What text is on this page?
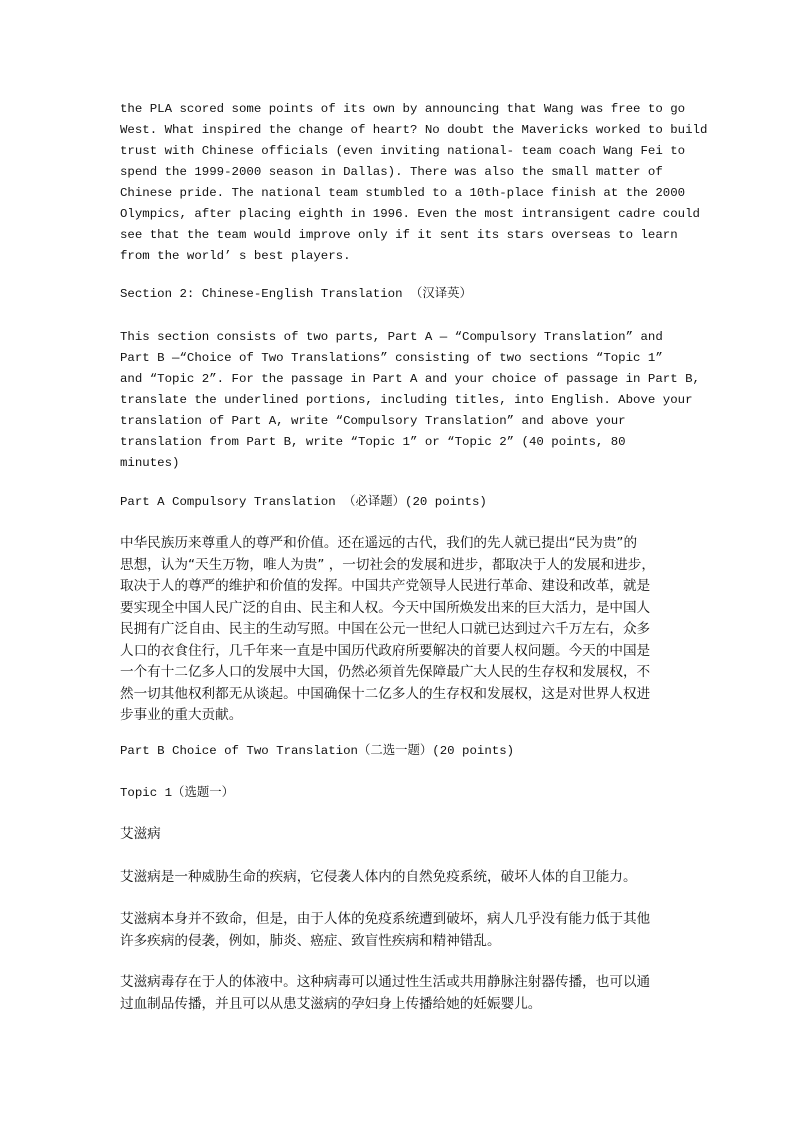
the PLA scored some points of its own by announcing that Wang was free to go
West. What inspired the change of heart? No doubt the Mavericks worked to build
trust with Chinese officials (even inviting national- team coach Wang Fei to
spend the 1999-2000 season in Dallas). There was also the small matter of
Chinese pride. The national team stumbled to a 10th-place finish at the 2000
Olympics, after placing eighth in 1996. Even the most intransigent cadre could
see that the team would improve only if it sent its stars overseas to learn
from the world’ s best players.
Section 2: Chinese-English Translation （汉译英）
This section consists of two parts, Part A — “Compulsory Translation” and
Part B —“Choice of Two Translations” consisting of two sections “Topic 1”
and “Topic 2”. For the passage in Part A and your choice of passage in Part B,
translate the underlined portions, including titles, into English. Above your
translation of Part A, write “Compulsory Translation” and above your
translation from Part B, write “Topic 1” or “Topic 2” (40 points, 80
minutes)
Part A Compulsory Translation （必译题）(20 points)
中华民族历来尊重人的尊严和价值。还在遥远的古代，我们的先人就已提出“民为贵”的
思想，认为“天生万物，唯人为贵” ，一切社会的发展和进步，都取决于人的发展和进步，
取决于人的尊严的维护和价值的发挥。中国共产党领导人民进行革命、建设和改革，就是
要实现全中国人民广泛的自由、民主和人权。今天中国所焕发出来的巨大活力，是中国人
民拥有广泛自由、民主的生动写照。中国在公元一世纪人口就已达到过六千万左右，众多
人口的衣食住行，几千年来一直是中国历代政府所要解决的首要人权问题。今天的中国是
一个有十二亿多人口的发展中大国，仍然必须首先保障最广大人民的生存权和发展权，不
然一切其他权利都无从谈起。中国确保十二亿多人的生存权和发展权，这是对世界人权进
步事业的重大贡献。
Part B Choice of Two Translation（二选一题）(20 points)
Topic 1（选题一）
艾滋病
艾滋病是一种威胁生命的疾病，它侵袭人体内的自然免疫系统，破坏人体的自卫能力。
艾滋病本身并不致命，但是，由于人体的免疫系统遭到破坏，病人几乎没有能力低于其他
许多疾病的侵袭，例如，肺炎、癌症、致盲性疾病和精神错乱。
艾滋病毒存在于人的体液中。这种病毒可以通过性生活或共用静脉注射器传播，也可以通
过血制品传播，并且可以从患艾滋病的孕妇身上传播给她的妊娠婴儿。
